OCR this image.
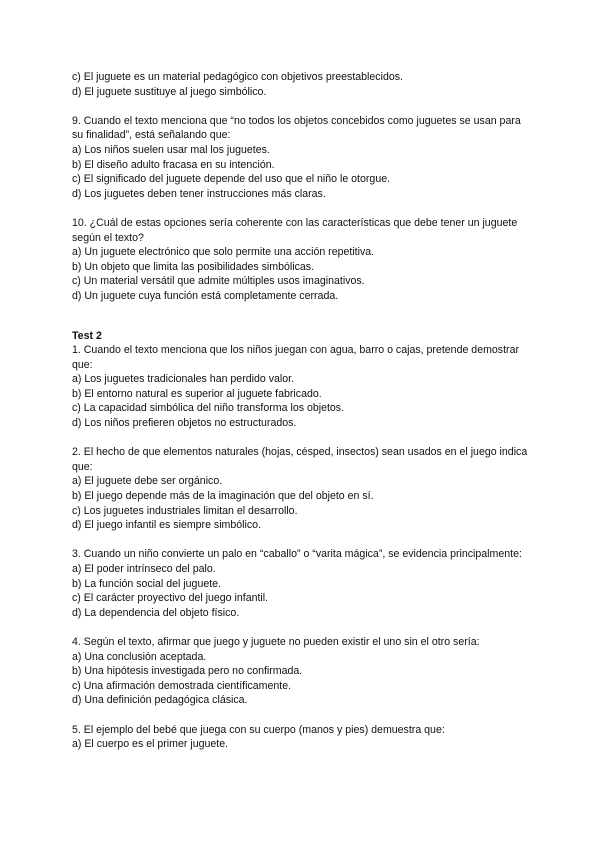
c) El juguete es un material pedagógico con objetivos preestablecidos.
d) El juguete sustituye al juego simbólico.
9. Cuando el texto menciona que “no todos los objetos concebidos como juguetes se usan para su finalidad”, está señalando que:
a) Los niños suelen usar mal los juguetes.
b) El diseño adulto fracasa en su intención.
c) El significado del juguete depende del uso que el niño le otorgue.
d) Los juguetes deben tener instrucciones más claras.
10. ¿Cuál de estas opciones sería coherente con las características que debe tener un juguete según el texto?
a) Un juguete electrónico que solo permite una acción repetitiva.
b) Un objeto que limita las posibilidades simbólicas.
c) Un material versátil que admite múltiples usos imaginativos.
d) Un juguete cuya función está completamente cerrada.
Test 2
1. Cuando el texto menciona que los niños juegan con agua, barro o cajas, pretende demostrar que:
a) Los juguetes tradicionales han perdido valor.
b) El entorno natural es superior al juguete fabricado.
c) La capacidad simbólica del niño transforma los objetos.
d) Los niños prefieren objetos no estructurados.
2. El hecho de que elementos naturales (hojas, césped, insectos) sean usados en el juego indica que:
a) El juguete debe ser orgánico.
b) El juego depende más de la imaginación que del objeto en sí.
c) Los juguetes industriales limitan el desarrollo.
d) El juego infantil es siempre simbólico.
3. Cuando un niño convierte un palo en “caballo” o “varita mágica”, se evidencia principalmente:
a) El poder intrínseco del palo.
b) La función social del juguete.
c) El carácter proyectivo del juego infantil.
d) La dependencia del objeto físico.
4. Según el texto, afirmar que juego y juguete no pueden existir el uno sin el otro sería:
a) Una conclusión aceptada.
b) Una hipótesis investigada pero no confirmada.
c) Una afirmación demostrada científicamente.
d) Una definición pedagógica clásica.
5. El ejemplo del bebé que juega con su cuerpo (manos y pies) demuestra que:
a) El cuerpo es el primer juguete.
